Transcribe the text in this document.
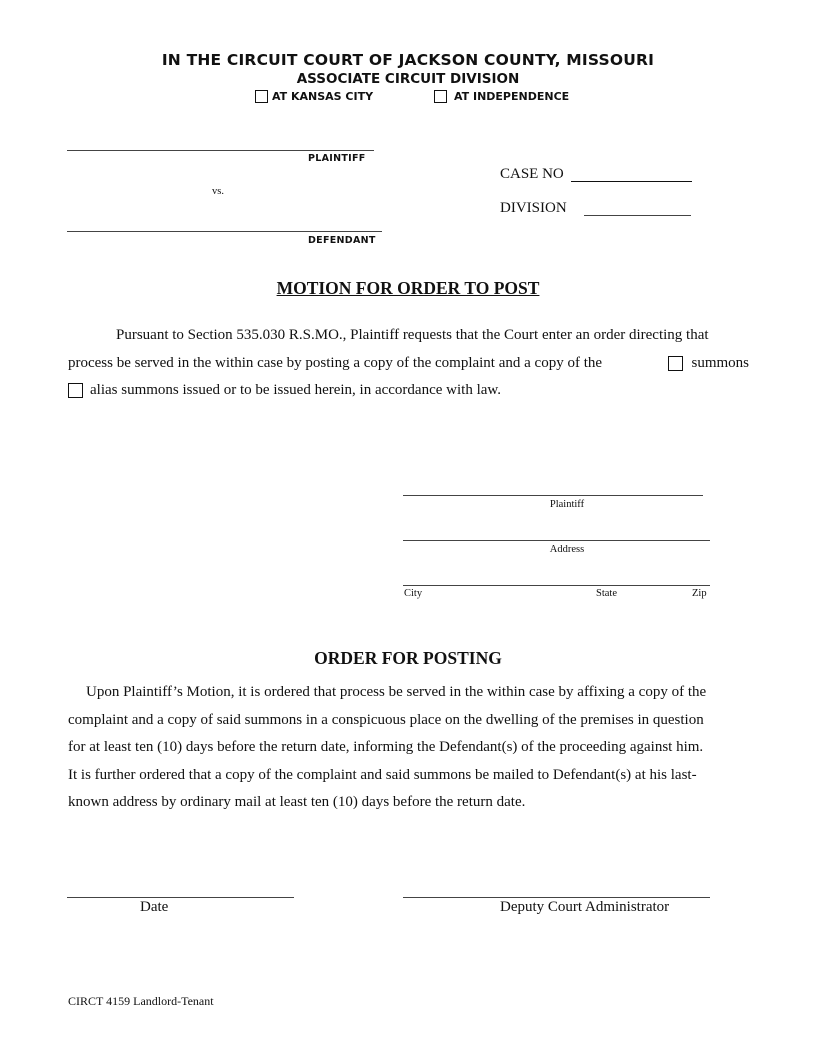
IN THE CIRCUIT COURT OF JACKSON COUNTY, MISSOURI
ASSOCIATE CIRCUIT DIVISION
AT KANSAS CITY	AT INDEPENDENCE
PLAINTIFF
vs.
DEFENDANT
CASE NO
DIVISION
MOTION FOR ORDER TO POST
Pursuant to Section 535.030 R.S.MO., Plaintiff requests that the Court enter an order directing that
process be served in the within case by posting a copy of the complaint and a copy of the	summons
alias summons issued or to be issued herein, in accordance with law.
Plaintiff
Address
City	State	Zip
ORDER FOR POSTING
Upon Plaintiff’s Motion, it is ordered that process be served in the within case by affixing a copy of the
complaint and a copy of said summons in a conspicuous place on the dwelling of the premises in question
for at least ten (10) days before the return date, informing the Defendant(s) of the proceeding against him.
It is further ordered that a copy of the complaint and said summons be mailed to Defendant(s) at his last-
known address by ordinary mail at least ten (10) days before the return date.
Date	Deputy Court Administrator
CIRCT 4159 Landlord-Tenant
